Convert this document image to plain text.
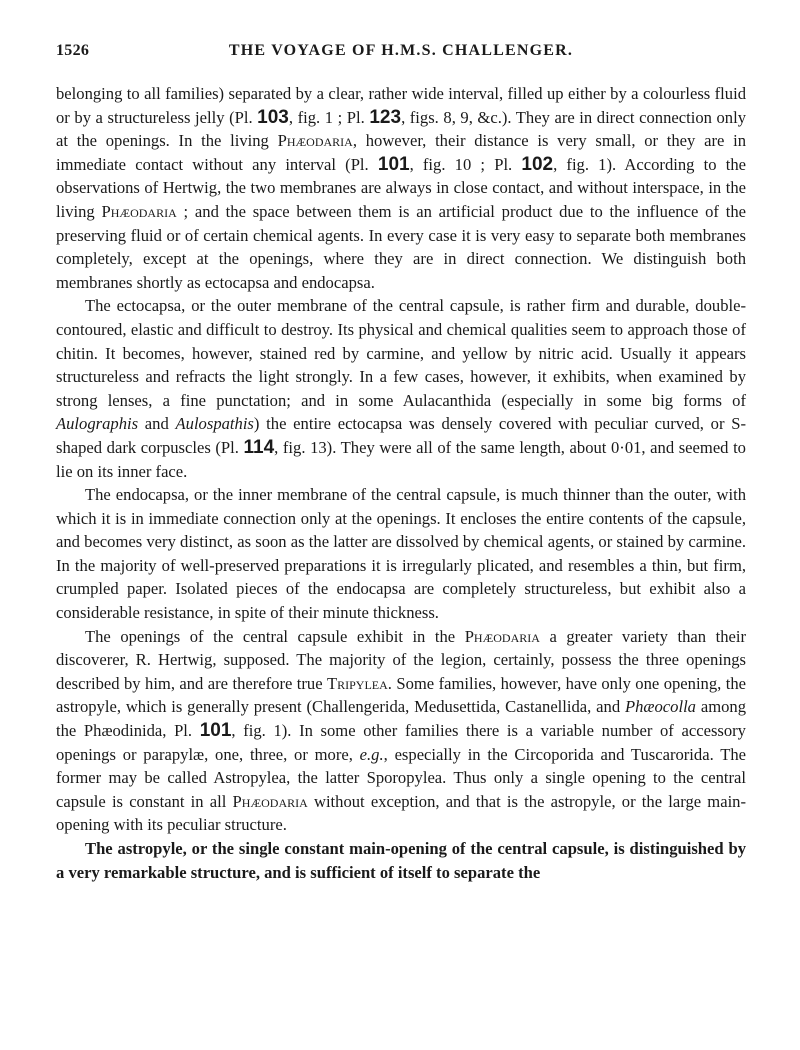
1526	THE VOYAGE OF H.M.S. CHALLENGER.

belonging to all families) separated by a clear, rather wide interval, filled up either by a colourless fluid or by a structureless jelly (Pl. 103, fig. 1 ; Pl. 123, figs. 8, 9, &c.). They are in direct connection only at the openings. In the living Phæodaria, however, their distance is very small, or they are in immediate contact without any interval (Pl. 101, fig. 10 ; Pl. 102, fig. 1). According to the observations of Hertwig, the two membranes are always in close contact, and without interspace, in the living Phæodaria ; and the space between them is an artificial product due to the influence of the preserving fluid or of certain chemical agents. In every case it is very easy to separate both membranes completely, except at the openings, where they are in direct connection. We distinguish both membranes shortly as ectocapsa and endocapsa.

The ectocapsa, or the outer membrane of the central capsule, is rather firm and durable, double-contoured, elastic and difficult to destroy. Its physical and chemical qualities seem to approach those of chitin. It becomes, however, stained red by carmine, and yellow by nitric acid. Usually it appears structureless and refracts the light strongly. In a few cases, however, it exhibits, when examined by strong lenses, a fine punctation; and in some Aulacanthida (especially in some big forms of Aulographis and Aulospathis) the entire ectocapsa was densely covered with peculiar curved, or S-shaped dark corpuscles (Pl. 114, fig. 13). They were all of the same length, about 0·01, and seemed to lie on its inner face.

The endocapsa, or the inner membrane of the central capsule, is much thinner than the outer, with which it is in immediate connection only at the openings. It encloses the entire contents of the capsule, and becomes very distinct, as soon as the latter are dissolved by chemical agents, or stained by carmine. In the majority of well-preserved preparations it is irregularly plicated, and resembles a thin, but firm, crumpled paper. Isolated pieces of the endocapsa are completely structureless, but exhibit also a considerable resistance, in spite of their minute thickness.

The openings of the central capsule exhibit in the Phæodaria a greater variety than their discoverer, R. Hertwig, supposed. The majority of the legion, certainly, possess the three openings described by him, and are therefore true Tripylea. Some families, however, have only one opening, the astropyle, which is generally present (Challengerida, Medusettida, Castanellida, and Phæocolla among the Phæodinida, Pl. 101, fig. 1). In some other families there is a variable number of accessory openings or parapylæ, one, three, or more, e.g., especially in the Circoporida and Tuscarorida. The former may be called Astropylea, the latter Sporopylea. Thus only a single opening to the central capsule is constant in all Phæodaria without exception, and that is the astropyle, or the large main-opening with its peculiar structure.

The astropyle, or the single constant main-opening of the central capsule, is distinguished by a very remarkable structure, and is sufficient of itself to separate the
